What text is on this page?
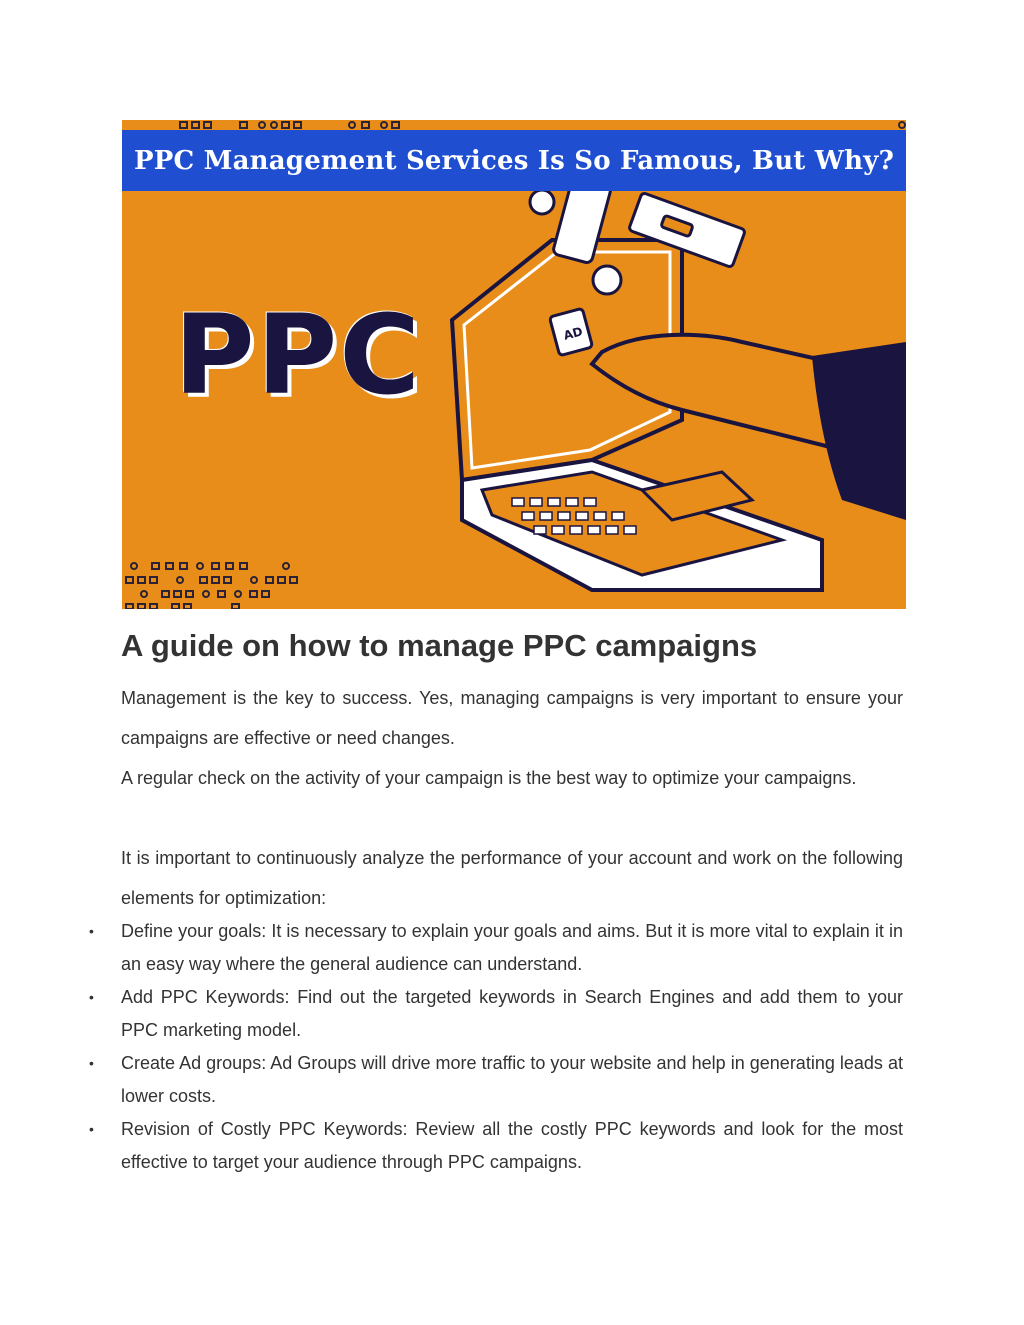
AD
PPC Management Services Is So Famous, But Why?
PPC
A guide on how to manage PPC campaigns

Management is the key to success. Yes, managing campaigns is very important to ensure your campaigns are effective or need changes.

A regular check on the activity of your campaign is the best way to optimize your campaigns.

It is important to continuously analyze the performance of your account and work on the following elements for optimization:

• Define your goals: It is necessary to explain your goals and aims. But it is more vital to explain it in an easy way where the general audience can understand.
• Add PPC Keywords: Find out the targeted keywords in Search Engines and add them to your PPC marketing model.
• Create Ad groups: Ad Groups will drive more traffic to your website and help in generating leads at lower costs.
• Revision of Costly PPC Keywords: Review all the costly PPC keywords and look for the most effective to target your audience through PPC campaigns.
